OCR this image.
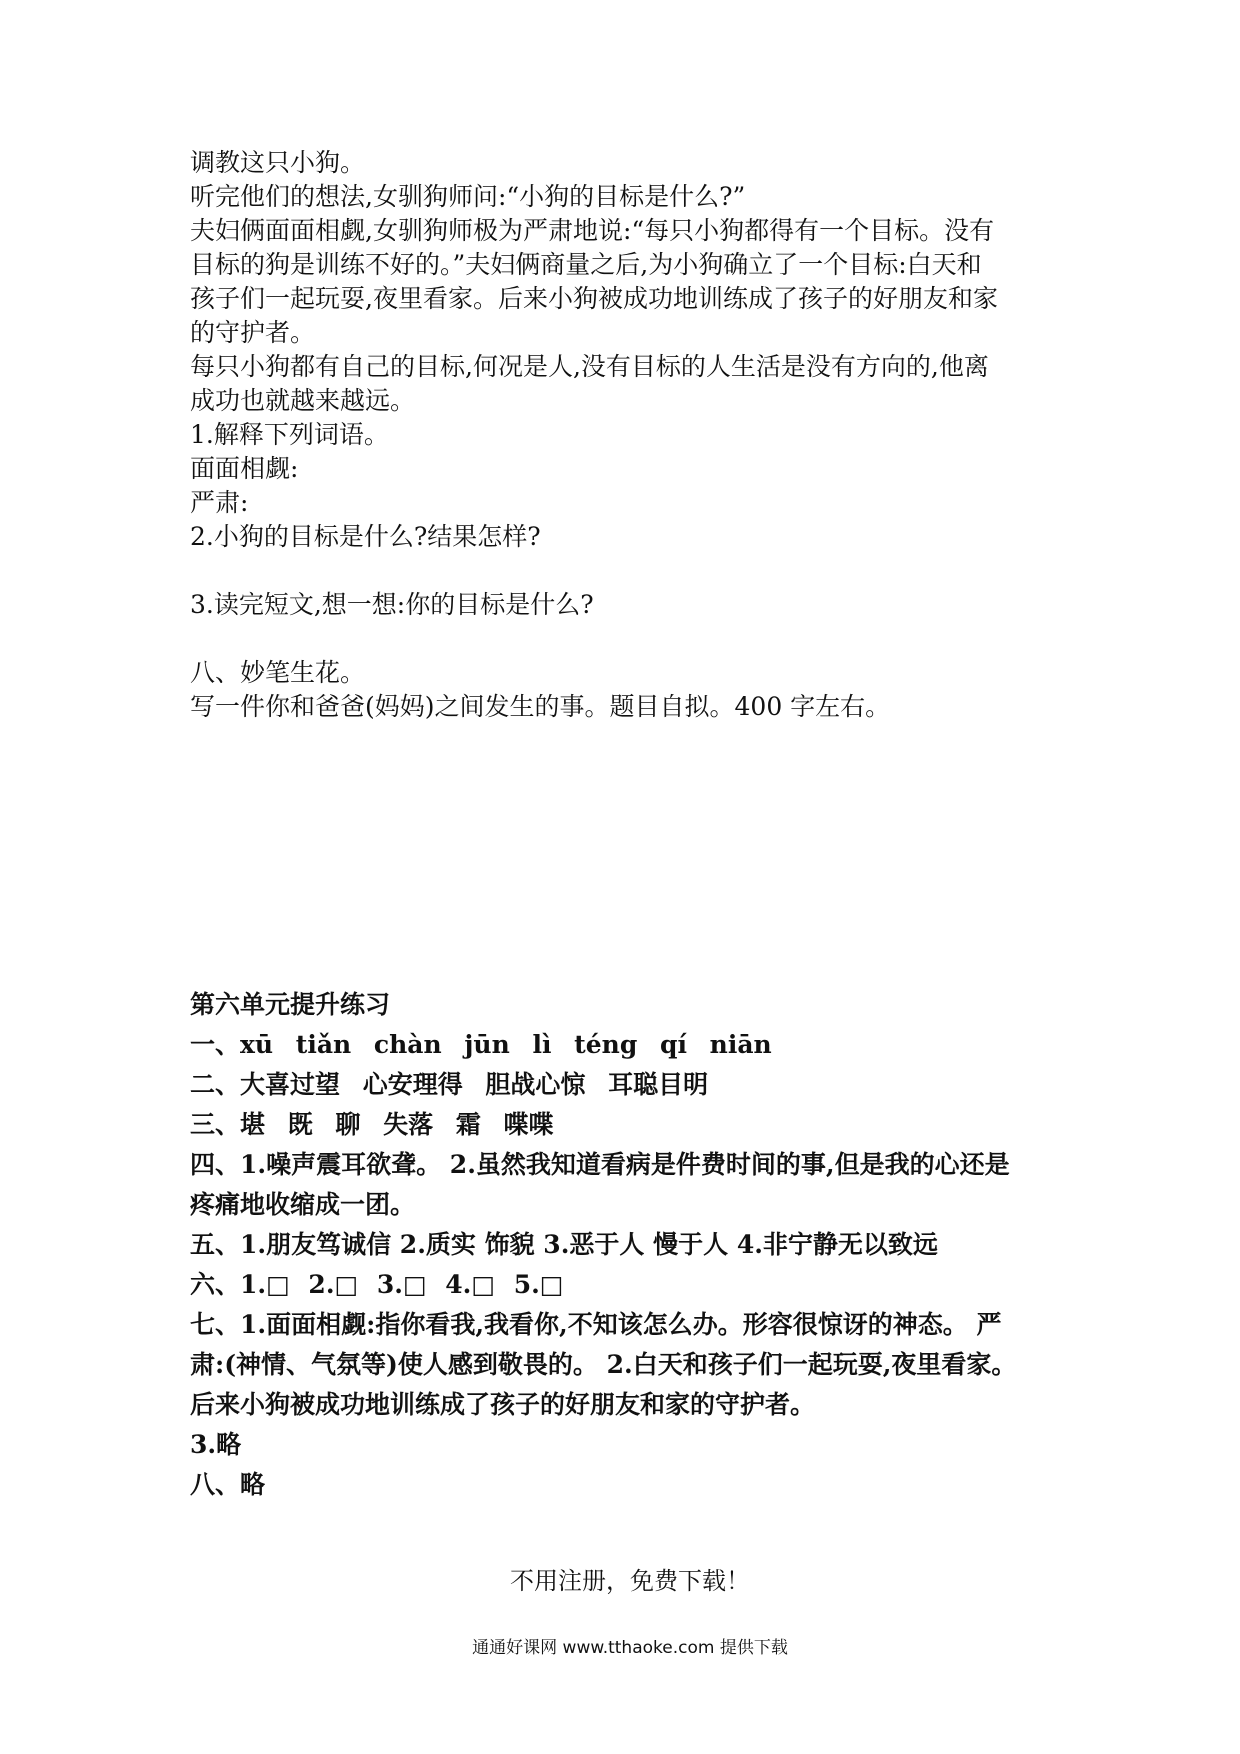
调教这只小狗。

听完他们的想法,女驯狗师问:“小狗的目标是什么?”

夫妇俩面面相觑,女驯狗师极为严肃地说:“每只小狗都得有一个目标。没有

目标的狗是训练不好的。”夫妇俩商量之后,为小狗确立了一个目标:白天和

孩子们一起玩耍,夜里看家。后来小狗被成功地训练成了孩子的好朋友和家

的守护者。

每只小狗都有自己的目标,何况是人,没有目标的人生活是没有方向的,他离

成功也就越来越远。

1.解释下列词语。

面面相觑:

严肃:

2.小狗的目标是什么?结果怎样?

3.读完短文,想一想:你的目标是什么?

八、妙笔生花。

写一件你和爸爸(妈妈)之间发生的事。题目自拟。400 字左右。

第六单元提升练习

一、xū tiǎn chàn jūn lì téng qí niān

二、大喜过望 心安理得 胆战心惊 耳聪目明

三、堪 既 聊 失落 霜 喋喋

四、1.噪声震耳欲聋。 2.虽然我知道看病是件费时间的事,但是我的心还是

疼痛地收缩成一团。

五、1.朋友笃诚信 2.质实 饰貌 3.恶于人 慢于人 4.非宁静无以致远

六、1.□ 2.□ 3.□ 4.□ 5.□

七、1.面面相觑:指你看我,我看你,不知该怎么办。形容很惊讶的神态。 严

肃:(神情、气氛等)使人感到敬畏的。 2.白天和孩子们一起玩耍,夜里看家。

后来小狗被成功地训练成了孩子的好朋友和家的守护者。

3.略

八、略

不用注册，免费下载！
通通好课网 www.tthaoke.com 提供下载
